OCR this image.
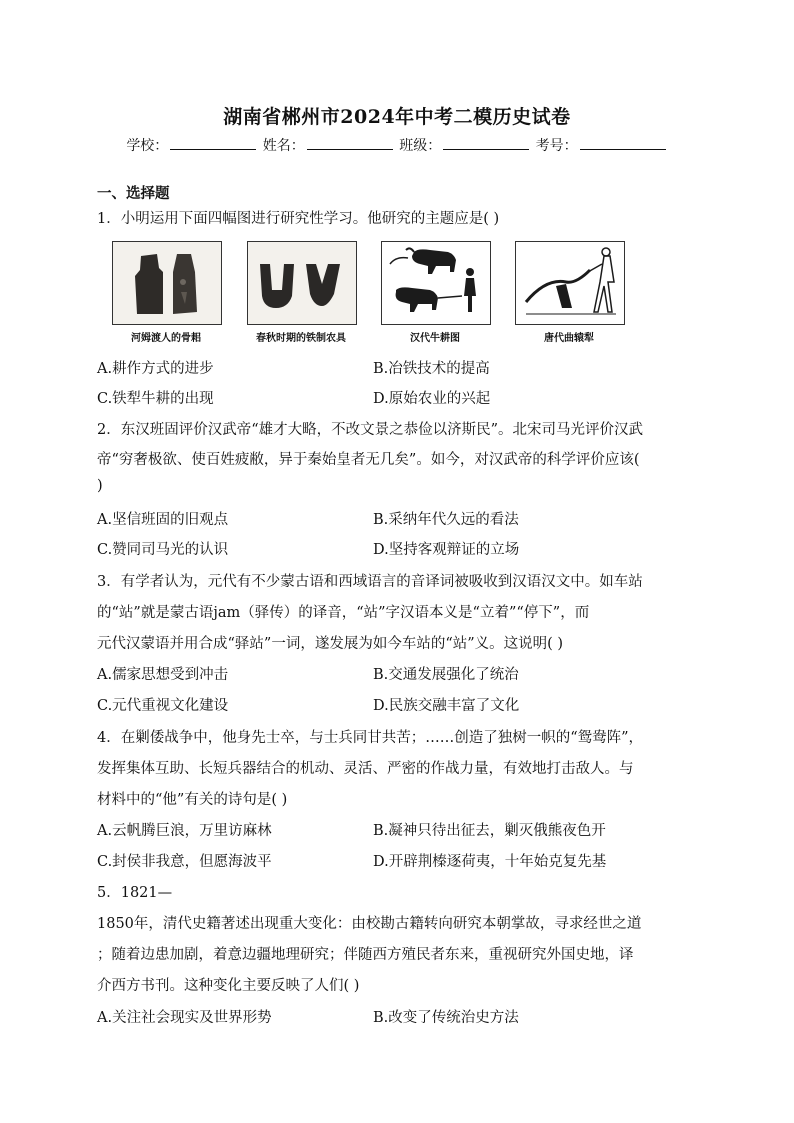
湖南省郴州市2024年中考二模历史试卷
学校：	姓名：	班级：	考号：
一、选择题
1．小明运用下面四幅图进行研究性学习。他研究的主题应是( )
河姆渡人的骨耜	春秋时期的铁制农具	汉代牛耕图	唐代曲辕犁
A.耕作方式的进步	B.冶铁技术的提高
C.铁犁牛耕的出现	D.原始农业的兴起
2．东汉班固评价汉武帝“雄才大略，不改文景之恭俭以济斯民”。北宋司马光评价汉武
帝“穷奢极欲、使百姓疲敝，异于秦始皇者无几矣”。如今，对汉武帝的科学评价应该(
)
A.坚信班固的旧观点	B.采纳年代久远的看法
C.赞同司马光的认识	D.坚持客观辩证的立场
3．有学者认为，元代有不少蒙古语和西域语言的音译词被吸收到汉语汉文中。如车站
的“站”就是蒙古语jam（驿传）的译音，“站”字汉语本义是“立着”“停下”，而
元代汉蒙语并用合成“驿站”一词，遂发展为如今车站的“站”义。这说明( )
A.儒家思想受到冲击	B.交通发展强化了统治
C.元代重视文化建设	D.民族交融丰富了文化
4．在剿倭战争中，他身先士卒，与士兵同甘共苦；……创造了独树一帜的“鸳鸯阵”，
发挥集体互助、长短兵器结合的机动、灵活、严密的作战力量，有效地打击敌人。与
材料中的“他”有关的诗句是( )
A.云帆腾巨浪，万里访麻林	B.凝神只待出征去，剿灭俄熊夜色开
C.封侯非我意，但愿海波平	D.开辟荆榛逐荷夷，十年始克复先基
5．1821—
1850年，清代史籍著述出现重大变化：由校勘古籍转向研究本朝掌故，寻求经世之道
；随着边患加剧，着意边疆地理研究；伴随西方殖民者东来，重视研究外国史地，译
介西方书刊。这种变化主要反映了人们( )
A.关注社会现实及世界形势	B.改变了传统治史方法
